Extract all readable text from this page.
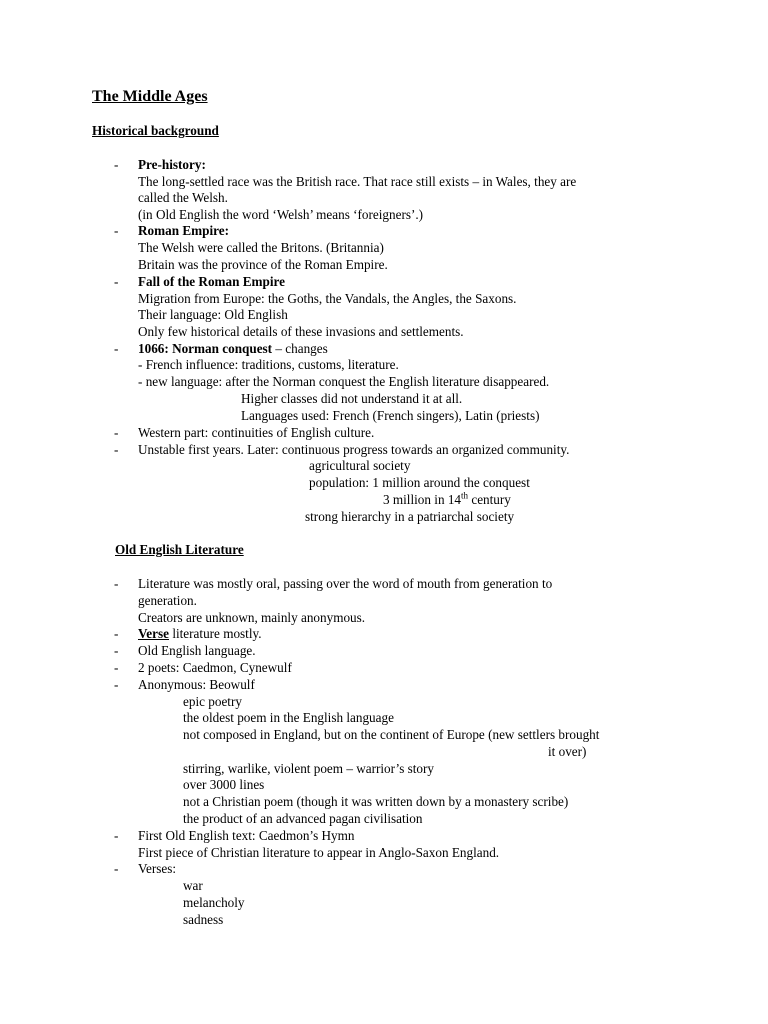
The Middle Ages
Historical background
- Pre-history:
The long-settled race was the British race. That race still exists – in Wales, they are
called the Welsh.
(in Old English the word ‘Welsh’ means ‘foreigners’.)
- Roman Empire:
The Welsh were called the Britons. (Britannia)
Britain was the province of the Roman Empire.
- Fall of the Roman Empire
Migration from Europe: the Goths, the Vandals, the Angles, the Saxons.
Their language: Old English
Only few historical details of these invasions and settlements.
- 1066: Norman conquest – changes
- French influence: traditions, customs, literature.
- new language: after the Norman conquest the English literature disappeared.
Higher classes did not understand it at all.
Languages used: French (French singers), Latin (priests)
- Western part: continuities of English culture.
- Unstable first years. Later: continuous progress towards an organized community.
agricultural society
population: 1 million around the conquest
3 million in 14th century
strong hierarchy in a patriarchal society
Old English Literature
- Literature was mostly oral, passing over the word of mouth from generation to
generation.
Creators are unknown, mainly anonymous.
- Verse literature mostly.
- Old English language.
- 2 poets: Caedmon, Cynewulf
- Anonymous: Beowulf
epic poetry
the oldest poem in the English language
not composed in England, but on the continent of Europe (new settlers brought
it over)
stirring, warlike, violent poem – warrior’s story
over 3000 lines
not a Christian poem (though it was written down by a monastery scribe)
the product of an advanced pagan civilisation
- First Old English text: Caedmon’s Hymn
First piece of Christian literature to appear in Anglo-Saxon England.
- Verses:
war
melancholy
sadness
